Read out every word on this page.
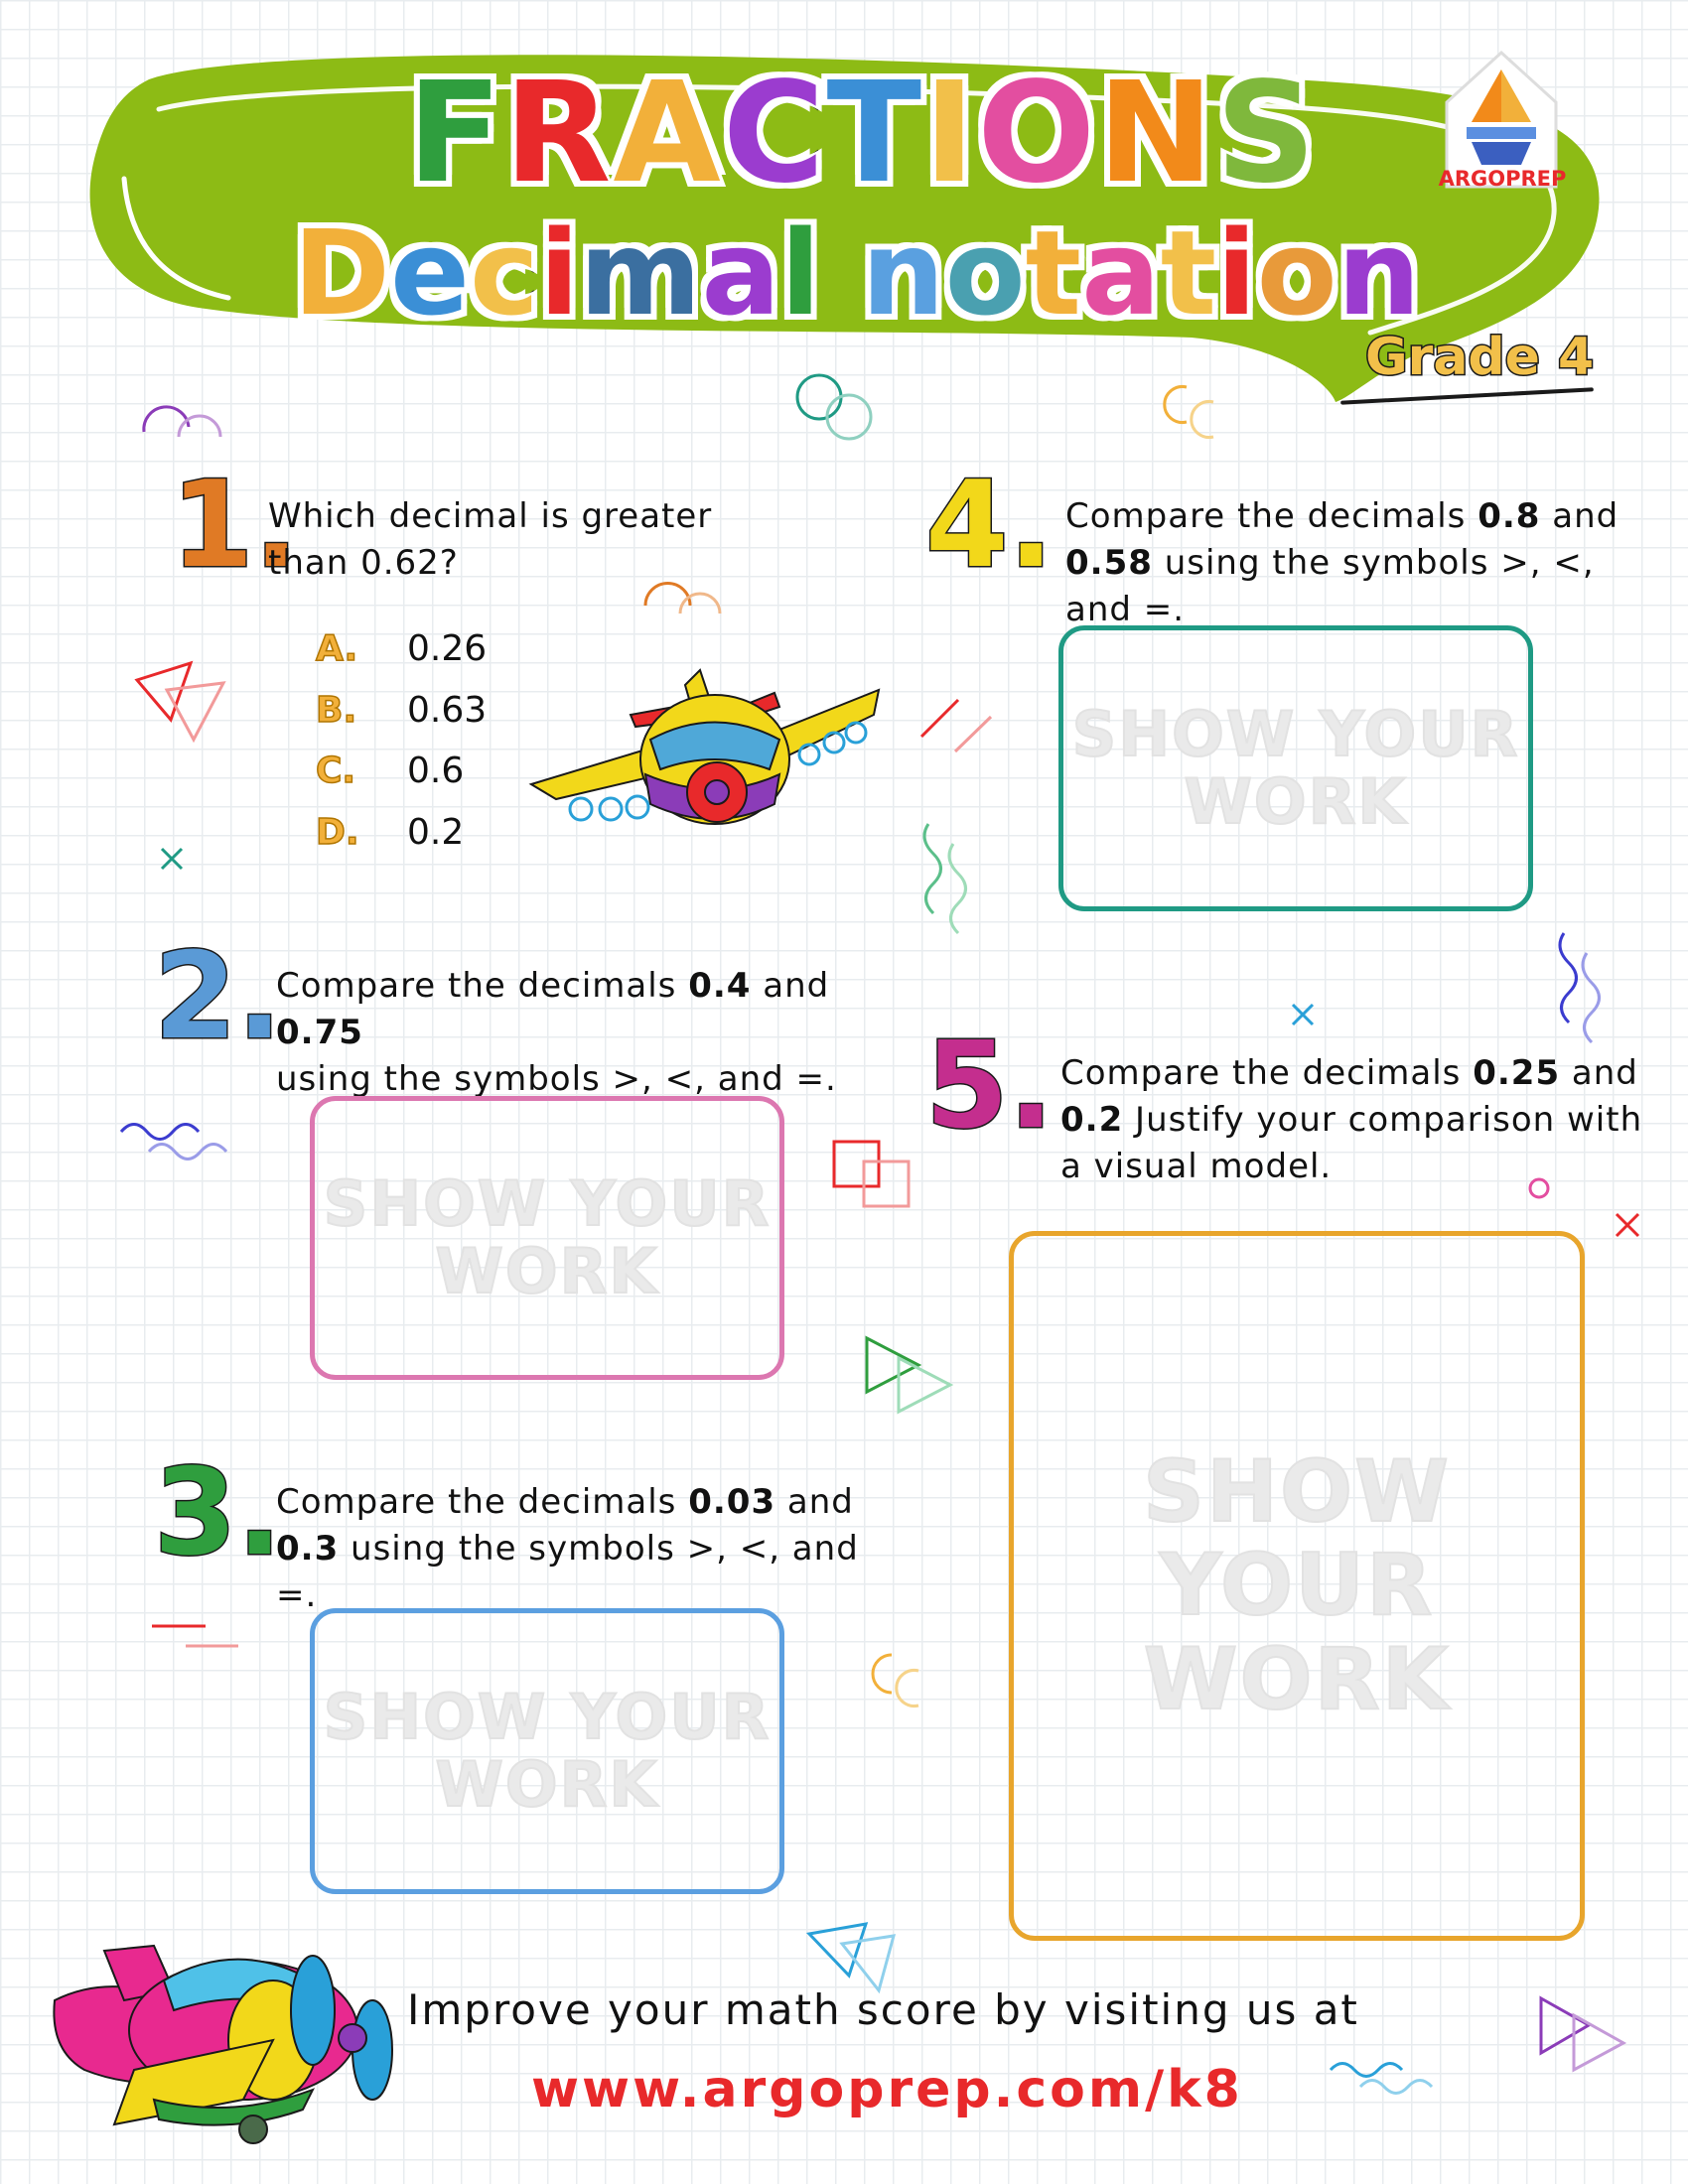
FRACTIONS
Decimal notation
Grade 4
ARGOPREP
1.
Which decimal is greater than 0.62?
A. 0.26
B. 0.63
C. 0.6
D. 0.2
2.
Compare the decimals 0.4 and 0.75
using the symbols >, <, and =.
SHOW YOUR
WORK
3.
Compare the decimals 0.03 and
0.3 using the symbols >, <, and =.
SHOW YOUR
WORK
4. Compare the decimals 0.8 and
0.58 using the symbols >, <, and =.
SHOW YOUR
WORK
5. Compare the decimals 0.25 and
0.2 Justify your comparison with
a visual model.
SHOW YOUR
WORK
Improve your math score by visiting us at
www.argoprep.com/k8
